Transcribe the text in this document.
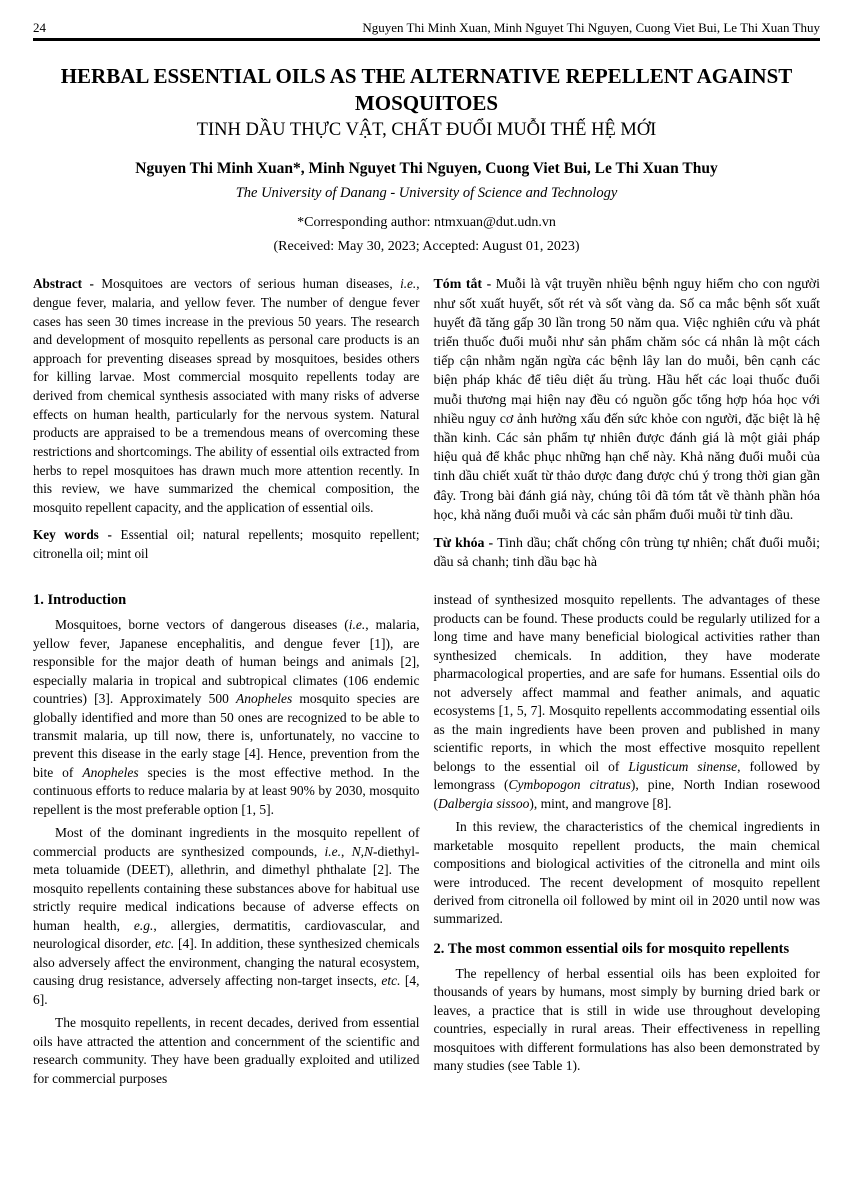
24	Nguyen Thi Minh Xuan, Minh Nguyet Thi Nguyen, Cuong Viet Bui, Le Thi Xuan Thuy
HERBAL ESSENTIAL OILS AS THE ALTERNATIVE REPELLENT AGAINST MOSQUITOES
TINH DẦU THỰC VẬT, CHẤT ĐUỔI MUỖI THẾ HỆ MỚI
Nguyen Thi Minh Xuan*, Minh Nguyet Thi Nguyen, Cuong Viet Bui, Le Thi Xuan Thuy
The University of Danang - University of Science and Technology
*Corresponding author: ntmxuan@dut.udn.vn
(Received: May 30, 2023; Accepted: August 01, 2023)

Abstract - Mosquitoes are vectors of serious human diseases, i.e., dengue fever, malaria, and yellow fever. The number of dengue fever cases has seen 30 times increase in the previous 50 years. The research and development of mosquito repellents as personal care products is an approach for preventing diseases spread by mosquitoes, besides others for killing larvae. Most commercial mosquito repellents today are derived from chemical synthesis associated with many risks of adverse effects on human health, particularly for the nervous system. Natural products are appraised to be a tremendous means of overcoming these restrictions and shortcomings. The ability of essential oils extracted from herbs to repel mosquitoes has drawn much more attention recently. In this review, we have summarized the chemical composition, the mosquito repellent capacity, and the application of essential oils.

Key words - Essential oil; natural repellents; mosquito repellent; citronella oil; mint oil

Tóm tắt - Muỗi là vật truyền nhiều bệnh nguy hiểm cho con người như sốt xuất huyết, sốt rét và sốt vàng da. Số ca mắc bệnh sốt xuất huyết đã tăng gấp 30 lần trong 50 năm qua. Việc nghiên cứu và phát triển thuốc đuổi muỗi như sản phẩm chăm sóc cá nhân là một cách tiếp cận nhằm ngăn ngừa các bệnh lây lan do muỗi, bên cạnh các biện pháp khác để tiêu diệt ấu trùng. Hầu hết các loại thuốc đuổi muỗi thương mại hiện nay đều có nguồn gốc tổng hợp hóa học với nhiều nguy cơ ảnh hưởng xấu đến sức khỏe con người, đặc biệt là hệ thần kinh. Các sản phẩm tự nhiên được đánh giá là một giải pháp hiệu quả để khắc phục những hạn chế này. Khả năng đuổi muỗi của tinh dầu chiết xuất từ thảo dược đang được chú ý trong thời gian gần đây. Trong bài đánh giá này, chúng tôi đã tóm tắt về thành phần hóa học, khả năng đuổi muỗi và các sản phẩm đuổi muỗi từ tinh dầu.

Từ khóa - Tinh dầu; chất chống côn trùng tự nhiên; chất đuổi muỗi; dầu sả chanh; tinh dầu bạc hà

1. Introduction

Mosquitoes, borne vectors of dangerous diseases (i.e., malaria, yellow fever, Japanese encephalitis, and dengue fever [1]), are responsible for the major death of human beings and animals [2], especially malaria in tropical and subtropical climates (106 endemic countries) [3]. Approximately 500 Anopheles mosquito species are globally identified and more than 50 ones are recognized to be able to transmit malaria, up till now, there is, unfortunately, no vaccine to prevent this disease in the early stage [4]. Hence, prevention from the bite of Anopheles species is the most effective method. In the continuous efforts to reduce malaria by at least 90% by 2030, mosquito repellent is the most preferable option [1, 5].

Most of the dominant ingredients in the mosquito repellent of commercial products are synthesized compounds, i.e., N,N-diethyl-meta toluamide (DEET), allethrin, and dimethyl phthalate [2]. The mosquito repellents containing these substances above for habitual use strictly require medical indications because of adverse effects on human health, e.g., allergies, dermatitis, cardiovascular, and neurological disorder, etc. [4]. In addition, these synthesized chemicals also adversely affect the environment, changing the natural ecosystem, causing drug resistance, adversely affecting non-target insects, etc. [4, 6].

The mosquito repellents, in recent decades, derived from essential oils have attracted the attention and concernment of the scientific and research community. They have been gradually exploited and utilized for commercial purposes

instead of synthesized mosquito repellents. The advantages of these products can be found. These products could be regularly utilized for a long time and have many beneficial biological activities rather than synthesized chemicals. In addition, they have moderate pharmacological properties, and are safe for humans. Essential oils do not adversely affect mammal and feather animals, and aquatic ecosystems [1, 5, 7]. Mosquito repellents accommodating essential oils as the main ingredients have been proven and published in many scientific reports, in which the most effective mosquito repellent belongs to the essential oil of Ligusticum sinense, followed by lemongrass (Cymbopogon citratus), pine, North Indian rosewood (Dalbergia sissoo), mint, and mangrove [8].

In this review, the characteristics of the chemical ingredients in marketable mosquito repellent products, the main chemical compositions and biological activities of the citronella and mint oils were introduced. The recent development of mosquito repellent derived from citronella oil followed by mint oil in 2020 until now was summarized.

2. The most common essential oils for mosquito repellents

The repellency of herbal essential oils has been exploited for thousands of years by humans, most simply by burning dried bark or leaves, a practice that is still in wide use throughout developing countries, especially in rural areas. Their effectiveness in repelling mosquitoes with different formulations has also been demonstrated by many studies (see Table 1).
